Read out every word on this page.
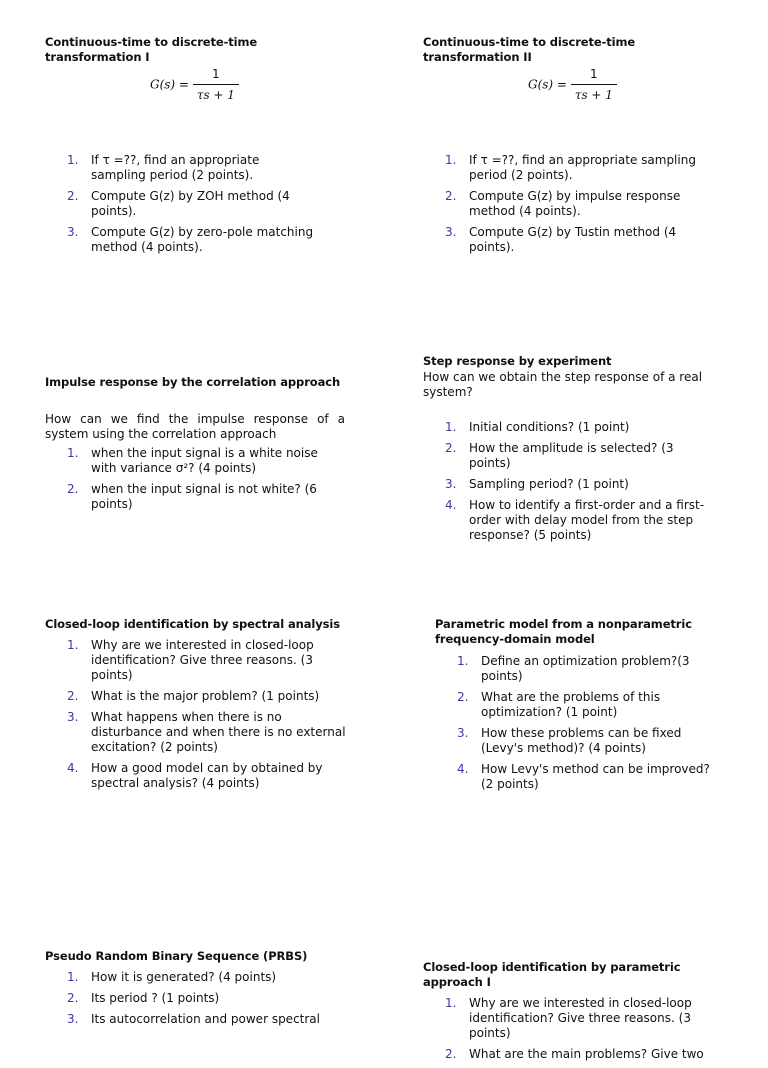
Continuous-time to discrete-time transformation I
$G(s) = \frac{1}{\tau s + 1}$
1. If τ =??, find an appropriate sampling period (2 points).
2. Compute G(z) by ZOH method (4 points).
3. Compute G(z) by zero-pole matching method (4 points).
Continuous-time to discrete-time transformation II
$G(s) = \frac{1}{\tau s + 1}$
1. If τ =??, find an appropriate sampling period (2 points).
2. Compute G(z) by impulse response method (4 points).
3. Compute G(z) by Tustin method (4 points).
Impulse response by the correlation approach
How can we find the impulse response of a system using the correlation approach
1. when the input signal is a white noise with variance σ²? (4 points)
2. when the input signal is not white? (6 points)
Step response by experiment
How can we obtain the step response of a real system?
1. Initial conditions? (1 point)
2. How the amplitude is selected? (3 points)
3. Sampling period? (1 point)
4. How to identify a first-order and a first-order with delay model from the step response? (5 points)
Closed-loop identification by spectral analysis
1. Why are we interested in closed-loop identification? Give three reasons. (3 points)
2. What is the major problem? (1 points)
3. What happens when there is no disturbance and when there is no external excitation? (2 points)
4. How a good model can by obtained by spectral analysis? (4 points)
Parametric model from a nonparametric frequency-domain model
1. Define an optimization problem?(3 points)
2. What are the problems of this optimization? (1 point)
3. How these problems can be fixed (Levy's method)? (4 points)
4. How Levy's method can be improved? (2 points)
Pseudo Random Binary Sequence (PRBS)
1. How it is generated? (4 points)
2. Its period ? (1 points)
3. Its autocorrelation and power spectral
Closed-loop identification by parametric approach I
1. Why are we interested in closed-loop identification? Give three reasons. (3 points)
2. What are the main problems? Give two
